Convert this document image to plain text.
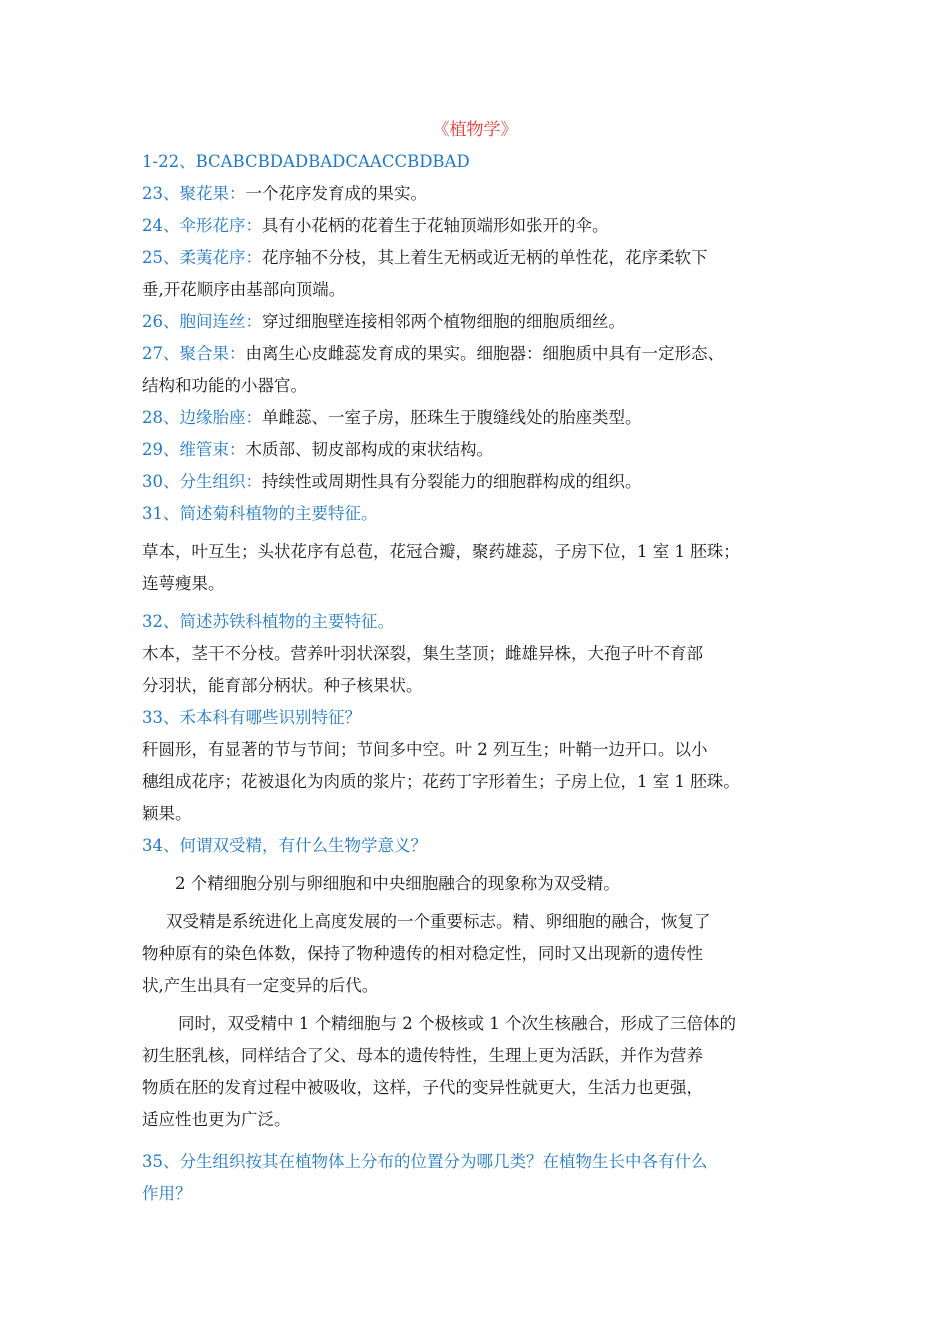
《植物学》
1-22、BCABCBDADBADCAACCBDBAD
23、聚花果：一个花序发育成的果实。
24、伞形花序：具有小花柄的花着生于花轴顶端形如张开的伞。
25、柔荑花序：花序轴不分枝，其上着生无柄或近无柄的单性花，花序柔软下
垂,开花顺序由基部向顶端。
26、胞间连丝：穿过细胞壁连接相邻两个植物细胞的细胞质细丝。
27、聚合果：由离生心皮雌蕊发育成的果实。细胞器：细胞质中具有一定形态、
结构和功能的小器官。
28、边缘胎座：单雌蕊、一室子房，胚珠生于腹缝线处的胎座类型。
29、维管束：木质部、韧皮部构成的束状结构。
30、分生组织：持续性或周期性具有分裂能力的细胞群构成的组织。
31、简述菊科植物的主要特征。
草本，叶互生；头状花序有总苞，花冠合瓣，聚药雄蕊，子房下位，1 室 1 胚珠；
连萼瘦果。
32、简述苏铁科植物的主要特征。
木本，茎干不分枝。营养叶羽状深裂，集生茎顶；雌雄异株，大孢子叶不育部
分羽状，能育部分柄状。种子核果状。
33、禾本科有哪些识别特征？
秆圆形，有显著的节与节间；节间多中空。叶 2 列互生；叶鞘一边开口。以小
穗组成花序；花被退化为肉质的浆片；花药丁字形着生；子房上位，1 室 1 胚珠。
颖果。
34、何谓双受精，有什么生物学意义？
2 个精细胞分别与卵细胞和中央细胞融合的现象称为双受精。
双受精是系统进化上高度发展的一个重要标志。精、卵细胞的融合，恢复了
物种原有的染色体数，保持了物种遗传的相对稳定性，同时又出现新的遗传性
状,产生出具有一定变异的后代。
同时，双受精中 1 个精细胞与 2 个极核或 1 个次生核融合，形成了三倍体的
初生胚乳核，同样结合了父、母本的遗传特性，生理上更为活跃，并作为营养
物质在胚的发育过程中被吸收，这样，子代的变异性就更大，生活力也更强，
适应性也更为广泛。
35、分生组织按其在植物体上分布的位置分为哪几类？在植物生长中各有什么
作用？
